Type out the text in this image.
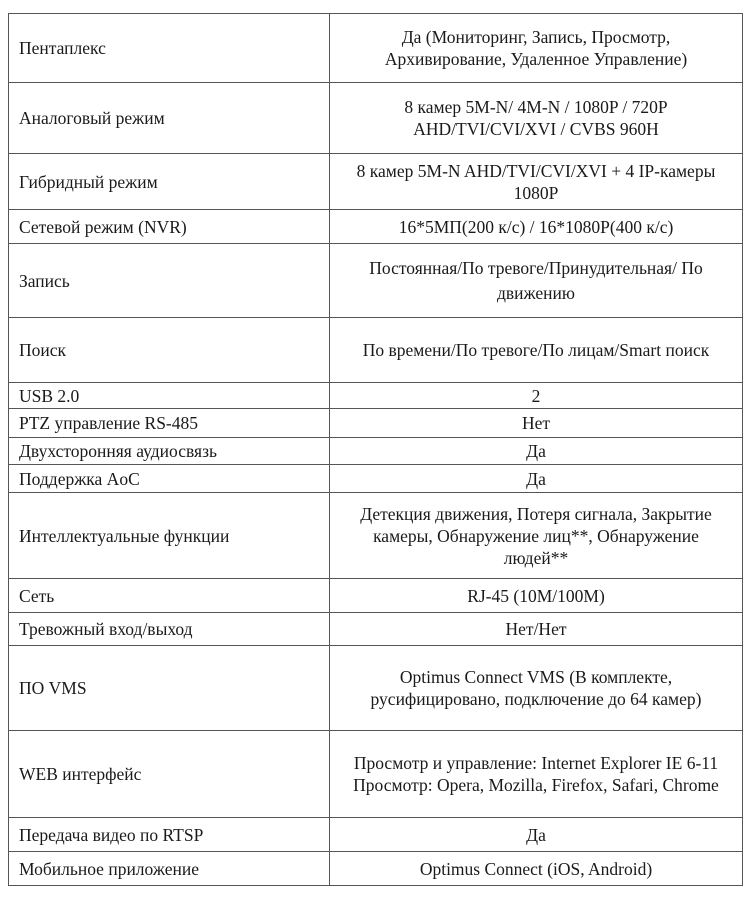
Пентаплекс	Да (Мониторинг, Запись, Просмотр, Архивирование, Удаленное Управление)
Аналоговый режим	8 камер 5M-N/ 4M-N / 1080P / 720P AHD/TVI/CVI/XVI / CVBS 960H
Гибридный режим	8 камер 5M-N AHD/TVI/CVI/XVI + 4 IP-камеры 1080P
Сетевой режим (NVR)	16*5МП(200 к/с) / 16*1080P(400 к/с)
Запись	Постоянная/По тревоге/Принудительная/ По движению
Поиск	По времени/По тревоге/По лицам/Smart поиск
USB 2.0	2
PTZ управление RS-485	Нет
Двухсторонняя аудиосвязь	Да
Поддержка AoC	Да
Интеллектуальные функции	Детекция движения, Потеря сигнала, Закрытие камеры, Обнаружение лиц**, Обнаружение людей**
Сеть	RJ-45 (10M/100M)
Тревожный вход/выход	Нет/Нет
ПО VMS	Optimus Connect VMS (В комплекте, русифицировано, подключение до 64 камер)
WEB интерфейс	Просмотр и управление: Internet Explorer IE 6-11 Просмотр: Opera, Mozilla, Firefox, Safari, Chrome
Передача видео по RTSP	Да
Мобильное приложение	Optimus Connect (iOS, Android)
